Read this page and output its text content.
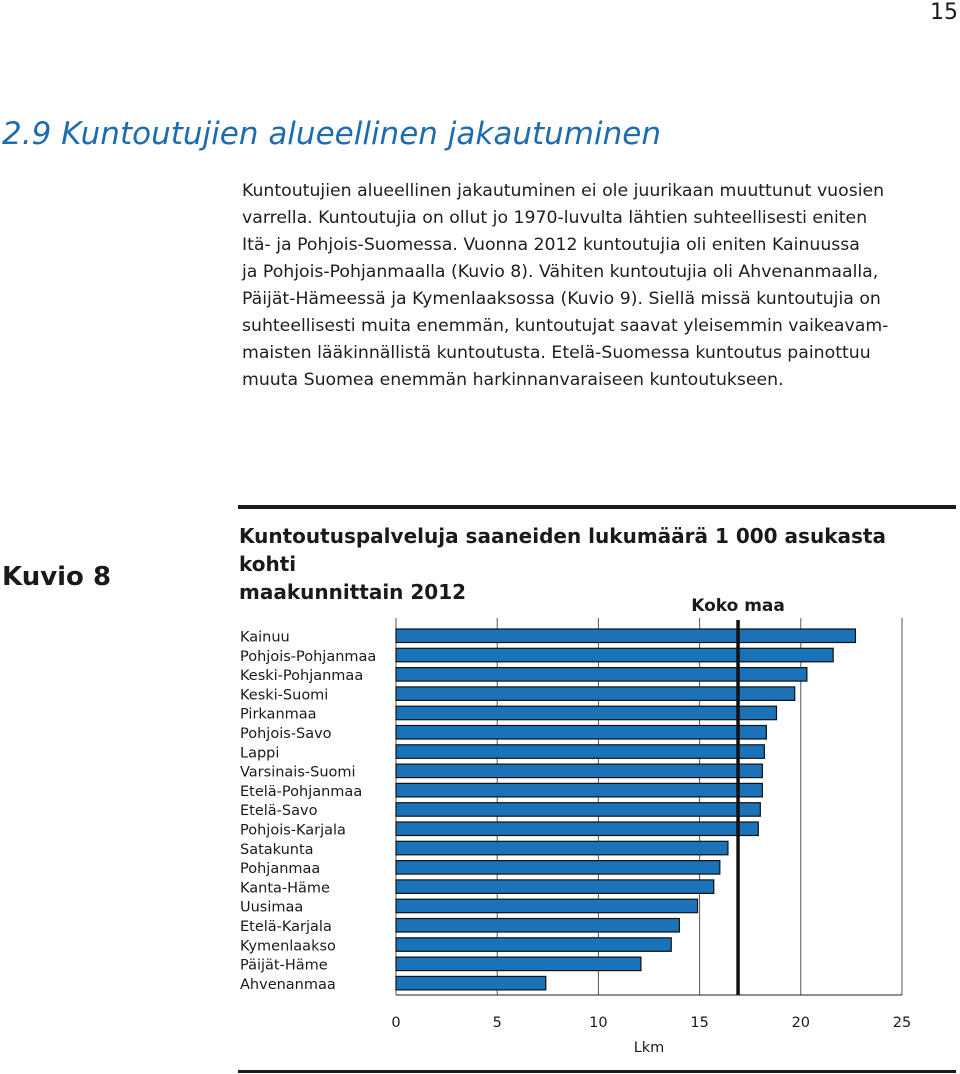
15
2.9 Kuntoutujien alueellinen jakautuminen
Kuntoutujien alueellinen jakautuminen ei ole juurikaan muuttunut vuosien
varrella. Kuntoutujia on ollut jo 1970-luvulta lähtien suhteellisesti eniten
Itä- ja Pohjois-Suomessa. Vuonna 2012 kuntoutujia oli eniten Kainuussa
ja Pohjois-Pohjanmaalla (Kuvio 8). Vähiten kuntoutujia oli Ahvenanmaalla,
Päijät-Hämeessä ja Kymenlaaksossa (Kuvio 9). Siellä missä kuntoutujia on
suhteellisesti muita enemmän, kuntoutujat saavat yleisemmin vaikeavam-
maisten lääkinnällistä kuntoutusta. Etelä-Suomessa kuntoutus painottuu
muuta Suomea enemmän harkinnanvaraiseen kuntoutukseen.
Kuvio 8
Kuntoutuspalveluja saaneiden lukumäärä 1 000 asukasta kohti
maakunnittain 2012
Kainuu
Pohjois-Pohjanmaa
Keski-Pohjanmaa
Keski-Suomi
Pirkanmaa
Pohjois-Savo
Lappi
Varsinais-Suomi
Etelä-Pohjanmaa
Etelä-Savo
Pohjois-Karjala
Satakunta
Pohjanmaa
Kanta-Häme
Uusimaa
Etelä-Karjala
Kymenlaakso
Päijät-Häme
Ahvenanmaa
Koko maa
0	5	10	15	20	25
Lkm
